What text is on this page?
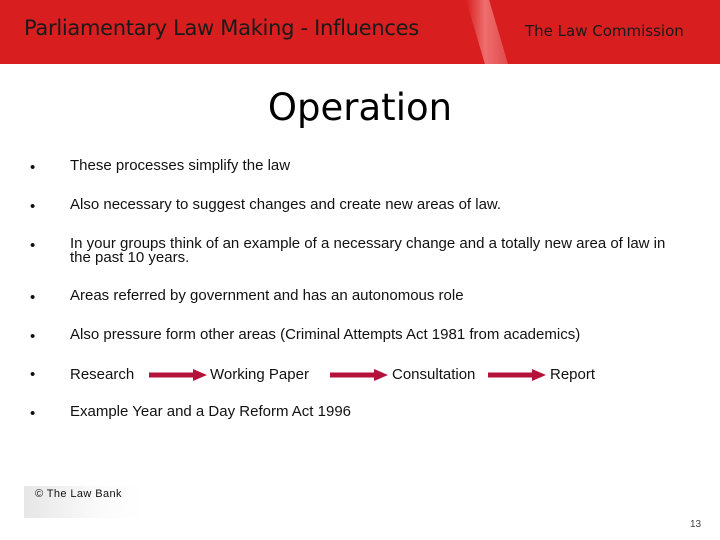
Parliamentary Law Making - Influences	The Law Commission
Operation
• These processes simplify the law
• Also necessary to suggest changes and create new areas of law.
• In your groups think of an example of a necessary change and a totally new area of law in the past 10 years.
• Areas referred by government and has an autonomous role
• Also pressure form other areas (Criminal Attempts Act 1981 from academics)
• Research	Working Paper	Consultation	Report
• Example Year and a Day Reform Act 1996
© The Law Bank
13
